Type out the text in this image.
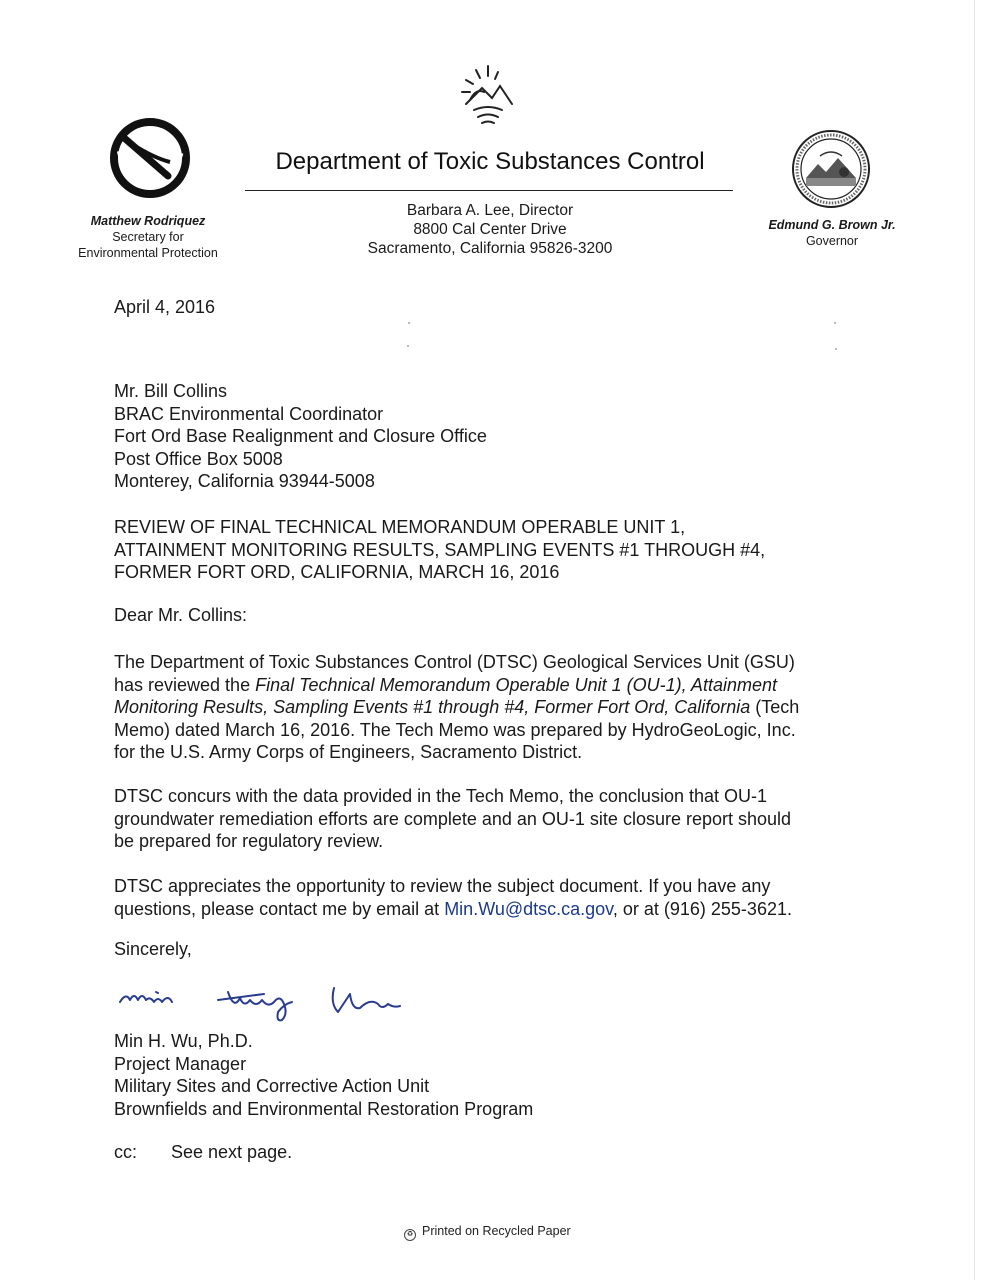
Department of Toxic Substances Control
Barbara A. Lee, Director
8800 Cal Center Drive
Sacramento, California 95826-3200
Matthew Rodriquez
Secretary for
Environmental Protection
Edmund G. Brown Jr.
Governor
April 4, 2016
Mr. Bill Collins
BRAC Environmental Coordinator
Fort Ord Base Realignment and Closure Office
Post Office Box 5008
Monterey, California 93944-5008
REVIEW OF FINAL TECHNICAL MEMORANDUM OPERABLE UNIT 1,
ATTAINMENT MONITORING RESULTS, SAMPLING EVENTS #1 THROUGH #4,
FORMER FORT ORD, CALIFORNIA, MARCH 16, 2016
Dear Mr. Collins:
The Department of Toxic Substances Control (DTSC) Geological Services Unit (GSU)
has reviewed the Final Technical Memorandum Operable Unit 1 (OU-1), Attainment
Monitoring Results, Sampling Events #1 through #4, Former Fort Ord, California (Tech
Memo) dated March 16, 2016. The Tech Memo was prepared by HydroGeoLogic, Inc.
for the U.S. Army Corps of Engineers, Sacramento District.
DTSC concurs with the data provided in the Tech Memo, the conclusion that OU-1
groundwater remediation efforts are complete and an OU-1 site closure report should
be prepared for regulatory review.
DTSC appreciates the opportunity to review the subject document. If you have any
questions, please contact me by email at Min.Wu@dtsc.ca.gov, or at (916) 255-3621.
Sincerely,
Min H. Wu, Ph.D.
Project Manager
Military Sites and Corrective Action Unit
Brownfields and Environmental Restoration Program
cc: See next page.
♻ Printed on Recycled Paper
